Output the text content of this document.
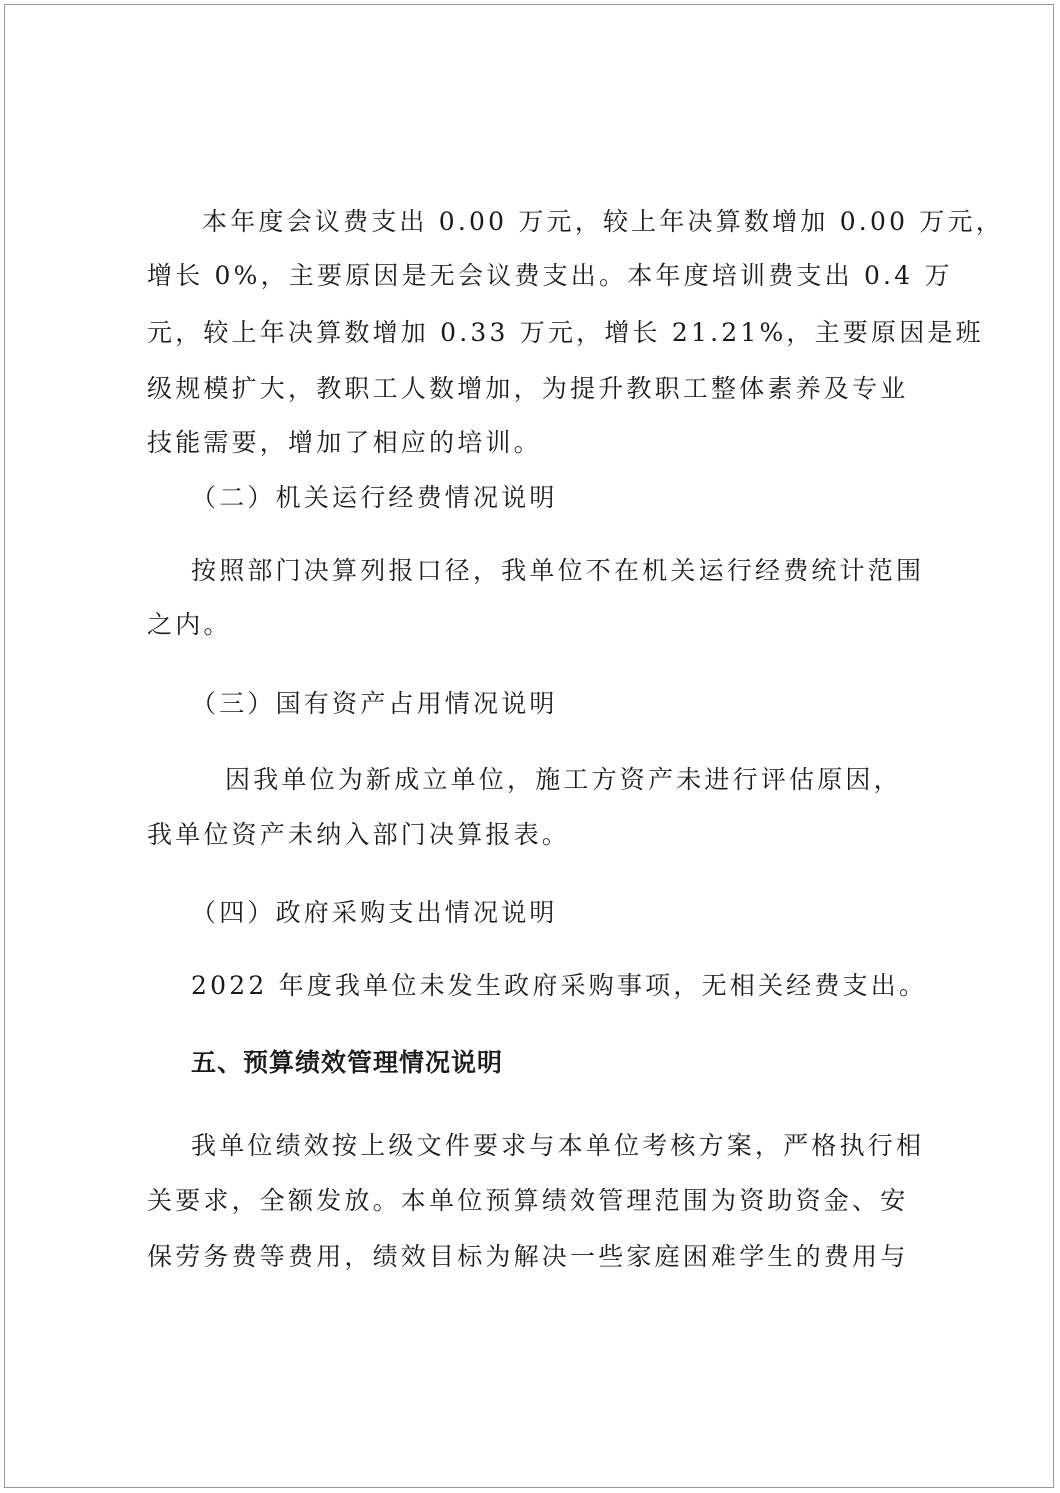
本年度会议费支出 0.00 万元，较上年决算数增加 0.00 万元，
增长 0%，主要原因是无会议费支出。本年度培训费支出 0.4 万
元，较上年决算数增加 0.33 万元，增长 21.21%，主要原因是班
级规模扩大，教职工人数增加，为提升教职工整体素养及专业
技能需要，增加了相应的培训。
（二）机关运行经费情况说明
按照部门决算列报口径，我单位不在机关运行经费统计范围
之内。
（三）国有资产占用情况说明
因我单位为新成立单位，施工方资产未进行评估原因，
我单位资产未纳入部门决算报表。
（四）政府采购支出情况说明
2022 年度我单位未发生政府采购事项，无相关经费支出。
五、预算绩效管理情况说明
我单位绩效按上级文件要求与本单位考核方案，严格执行相
关要求，全额发放。本单位预算绩效管理范围为资助资金、安
保劳务费等费用，绩效目标为解决一些家庭困难学生的费用与
